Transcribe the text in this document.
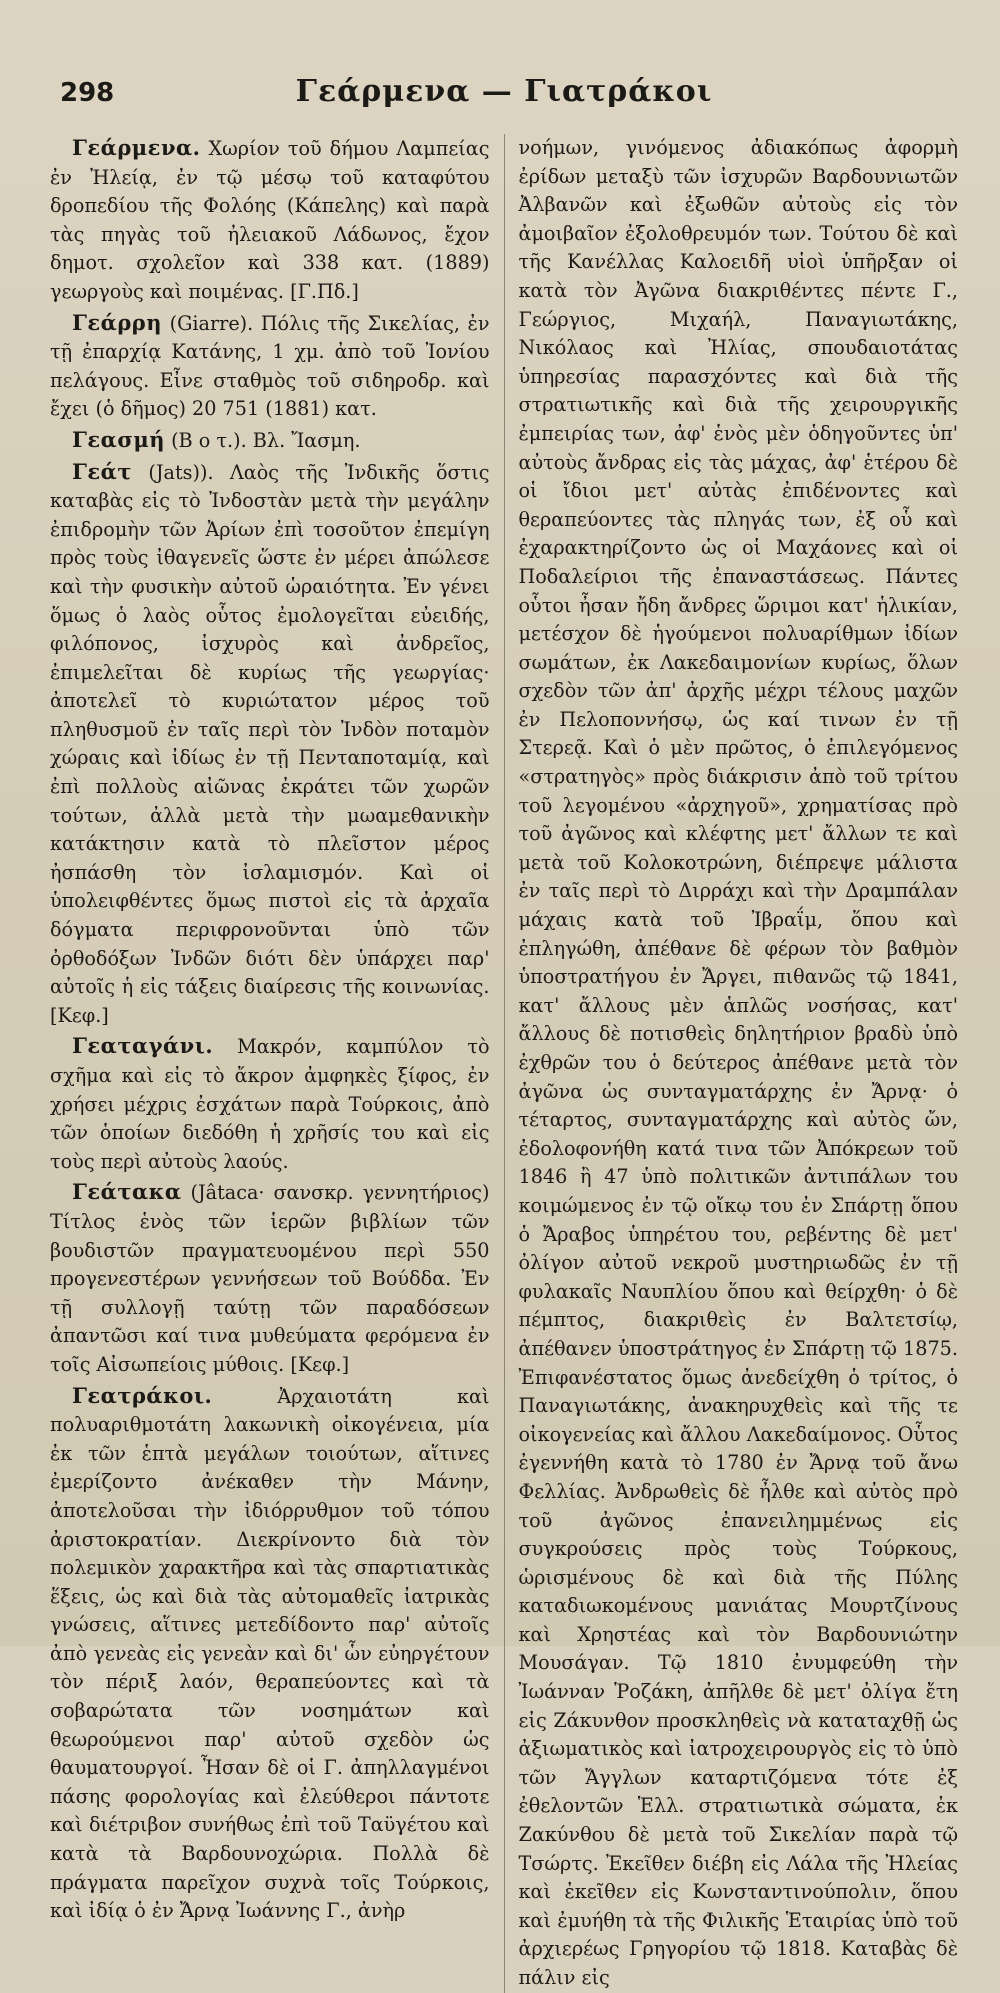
298	Γεάρμενα — Γιατράκοι

Γεάρμενα. Χωρίον τοῦ δήμου Λαμπείας ἐν Ἠλείᾳ, ἐν τῷ μέσῳ τοῦ καταφύτου δροπεδίου τῆς Φολόης (Κάπελης) καὶ παρὰ τὰς πηγὰς τοῦ ἠλειακοῦ Λάδωνος, ἔχον δημοτ. σχολεῖον καὶ 338 κατ. (1889) γεωργοὺς καὶ ποιμένας. [Γ.Πδ.]

Γεάρρη (Giarre). Πόλις τῆς Σικελίας, ἐν τῇ ἐπαρχίᾳ Κατάνης, 1 χμ. ἀπὸ τοῦ Ἰονίου πελάγους. Εἶνε σταθμὸς τοῦ σιδηροδρ. καὶ ἔχει (ὁ δῆμος) 20 751 (1881) κατ.

Γεασμή (Β ο τ.). Βλ. Ἴασμη.

Γεάτ (Jats)). Λαὸς τῆς Ἰνδικῆς ὅστις καταβὰς εἰς τὸ Ἰνδοστὰν μετὰ τὴν μεγάλην ἐπιδρομὴν τῶν Ἀρίων ἐπὶ τοσοῦτον ἐπεμίγη πρὸς τοὺς ἰθαγενεῖς ὥστε ἐν μέρει ἀπώλεσε καὶ τὴν φυσικὴν αὐτοῦ ὡραιότητα. Ἐν γένει ὅμως ὁ λαὸς οὗτος ἐμολογεῖται εὐειδής, φιλόπονος, ἰσχυρὸς καὶ ἀνδρεῖος, ἐπιμελεῖται δὲ κυρίως τῆς γεωργίας· ἀποτελεῖ τὸ κυριώτατον μέρος τοῦ πληθυσμοῦ ἐν ταῖς περὶ τὸν Ἰνδὸν ποταμὸν χώραις καὶ ἰδίως ἐν τῇ Πενταποταμίᾳ, καὶ ἐπὶ πολλοὺς αἰῶνας ἐκράτει τῶν χωρῶν τούτων, ἀλλὰ μετὰ τὴν μωαμεθανικὴν κατάκτησιν κατὰ τὸ πλεῖστον μέρος ἠσπάσθη τὸν ἰσλαμισμόν. Καὶ οἱ ὑπολειφθέντες ὅμως πιστοὶ εἰς τὰ ἀρχαῖα δόγματα περιφρονοῦνται ὑπὸ τῶν ὀρθοδόξων Ἰνδῶν διότι δὲν ὑπάρχει παρ' αὐτοῖς ἡ εἰς τάξεις διαίρεσις τῆς κοινωνίας. [Κεφ.]

Γεαταγάνι. Μακρόν, καμπύλον τὸ σχῆμα καὶ εἰς τὸ ἄκρον ἀμφηκὲς ξίφος, ἐν χρήσει μέχρις ἐσχάτων παρὰ Τούρκοις, ἀπὸ τῶν ὁποίων διεδόθη ἡ χρῆσίς του καὶ εἰς τοὺς περὶ αὐτοὺς λαούς.

Γεάτακα (Jâtaca· σανσκρ. γεννητήριος) Τίτλος ἑνὸς τῶν ἱερῶν βιβλίων τῶν βουδιστῶν πραγματευομένου περὶ 550 προγενεστέρων γεννήσεων τοῦ Βούδδα. Ἐν τῇ συλλογῇ ταύτῃ τῶν παραδόσεων ἀπαντῶσι καί τινα μυθεύματα φερόμενα ἐν τοῖς Αἰσωπείοις μύθοις. [Κεφ.]

Γεατράκοι. Ἀρχαιοτάτη καὶ πολυαριθμοτάτη λακωνικὴ οἰκογένεια, μία ἐκ τῶν ἑπτὰ μεγάλων τοιούτων, αἵτινες ἐμερίζοντο ἀνέκαθεν τὴν Μάνην, ἀποτελοῦσαι τὴν ἰδιόρρυθμον τοῦ τόπου ἀριστοκρατίαν. Διεκρίνοντο διὰ τὸν πολεμικὸν χαρακτῆρα καὶ τὰς σπαρτιατικὰς ἕξεις, ὡς καὶ διὰ τὰς αὐτομαθεῖς ἰατρικὰς γνώσεις, αἵτινες μετεδίδοντο παρ' αὐτοῖς ἀπὸ γενεὰς εἰς γενεὰν καὶ δι' ὧν εὐηργέτουν τὸν πέριξ λαόν, θεραπεύοντες καὶ τὰ σοβαρώτατα τῶν νοσημάτων καὶ θεωρούμενοι παρ' αὐτοῦ σχεδὸν ὡς θαυματουργοί. Ἦσαν δὲ οἱ Γ. ἀπηλλαγμένοι πάσης φορολογίας καὶ ἐλεύθεροι πάντοτε καὶ διέτριβον συνήθως ἐπὶ τοῦ Ταϋγέτου καὶ κατὰ τὰ Βαρδουνοχώρια. Πολλὰ δὲ πράγματα παρεῖχον συχνὰ τοῖς Τούρκοις, καὶ ἰδίᾳ ὁ ἐν Ἄρνᾳ Ἰωάννης Γ., ἀνὴρ

νοήμων, γινόμενος ἀδιακόπως ἀφορμὴ ἐρίδων μεταξὺ τῶν ἰσχυρῶν Βαρδουνιωτῶν Ἀλβανῶν καὶ ἐξωθῶν αὐτοὺς εἰς τὸν ἀμοιβαῖον ἐξολοθρευμόν των. Τούτου δὲ καὶ τῆς Κανέλλας Καλοειδῆ υἱοὶ ὑπῆρξαν οἱ κατὰ τὸν Ἀγῶνα διακριθέντες πέντε Γ., Γεώργιος, Μιχαήλ, Παναγιωτάκης, Νικόλαος καὶ Ἠλίας, σπουδαιοτάτας ὑπηρεσίας παρασχόντες καὶ διὰ τῆς στρατιωτικῆς καὶ διὰ τῆς χειρουργικῆς ἐμπειρίας των, ἀφ' ἑνὸς μὲν ὁδηγοῦντες ὑπ' αὐτοὺς ἄνδρας εἰς τὰς μάχας, ἀφ' ἑτέρου δὲ οἱ ἴδιοι μετ' αὐτὰς ἐπιδένοντες καὶ θεραπεύοντες τὰς πληγάς των, ἐξ οὗ καὶ ἐχαρακτηρίζοντο ὡς οἱ Μαχάονες καὶ οἱ Ποδαλείριοι τῆς ἐπαναστάσεως. Πάντες οὗτοι ἦσαν ἤδη ἄνδρες ὥριμοι κατ' ἡλικίαν, μετέσχον δὲ ἡγούμενοι πολυαρίθμων ἰδίων σωμάτων, ἐκ Λακεδαιμονίων κυρίως, ὅλων σχεδὸν τῶν ἀπ' ἀρχῆς μέχρι τέλους μαχῶν ἐν Πελοποννήσῳ, ὡς καί τινων ἐν τῇ Στερεᾷ. Καὶ ὁ μὲν πρῶτος, ὁ ἐπιλεγόμενος «στρατηγὸς» πρὸς διάκρισιν ἀπὸ τοῦ τρίτου τοῦ λεγομένου «ἀρχηγοῦ», χρηματίσας πρὸ τοῦ ἀγῶνος καὶ κλέφτης μετ' ἄλλων τε καὶ μετὰ τοῦ Κολοκοτρώνη, διέπρεψε μάλιστα ἐν ταῖς περὶ τὸ Διρράχι καὶ τὴν Δραμπάλαν μάχαις κατὰ τοῦ Ἰβραΐμ, ὅπου καὶ ἐπληγώθη, ἀπέθανε δὲ φέρων τὸν βαθμὸν ὑποστρατήγου ἐν Ἄργει, πιθανῶς τῷ 1841, κατ' ἄλλους μὲν ἁπλῶς νοσήσας, κατ' ἄλλους δὲ ποτισθεὶς δηλητήριον βραδὺ ὑπὸ ἐχθρῶν του ὁ δεύτερος ἀπέθανε μετὰ τὸν ἀγῶνα ὡς συνταγματάρχης ἐν Ἄρνᾳ· ὁ τέταρτος, συνταγματάρχης καὶ αὐτὸς ὤν, ἐδολοφονήθη κατά τινα τῶν Ἀπόκρεων τοῦ 1846 ἢ 47 ὑπὸ πολιτικῶν ἀντιπάλων του κοιμώμενος ἐν τῷ οἴκῳ του ἐν Σπάρτῃ ὅπου ὁ Ἄραβος ὑπηρέτου του, ρεβέντης δὲ μετ' ὀλίγον αὐτοῦ νεκροῦ μυστηριωδῶς ἐν τῇ φυλακαῖς Ναυπλίου ὅπου καὶ θείρχθη· ὁ δὲ πέμπτος, διακριθεὶς ἐν Βαλτετσίῳ, ἀπέθανεν ὑποστράτηγος ἐν Σπάρτῃ τῷ 1875. Ἐπιφανέστατος ὅμως ἀνεδείχθη ὁ τρίτος, ὁ Παναγιωτάκης, ἀνακηρυχθεὶς καὶ τῆς τε οἰκογενείας καὶ ἄλλου Λακεδαίμονος. Οὗτος ἐγεννήθη κατὰ τὸ 1780 ἐν Ἄρνᾳ τοῦ ἄνω Φελλίας. Ἀνδρωθεὶς δὲ ἦλθε καὶ αὐτὸς πρὸ τοῦ ἀγῶνος ἐπανειλημμένως εἰς συγκρούσεις πρὸς τοὺς Τούρκους, ὡρισμένους δὲ καὶ διὰ τῆς Πύλης καταδιωκομένους μανιάτας Μουρτζίνους καὶ Χρηστέας καὶ τὸν Βαρδουνιώτην Μουσάγαν. Τῷ 1810 ἐνυμφεύθη τὴν Ἰωάνναν Ῥοζάκη, ἀπῆλθε δὲ μετ' ὀλίγα ἔτη εἰς Ζάκυνθον προσκληθεὶς νὰ καταταχθῇ ὡς ἀξιωματικὸς καὶ ἰατροχειρουργὸς εἰς τὸ ὑπὸ τῶν Ἄγγλων καταρτιζόμενα τότε ἐξ ἐθελοντῶν Ἑλλ. στρατιωτικὰ σώματα, ἐκ Ζακύνθου δὲ μετὰ τοῦ Σικελίαν παρὰ τῷ Τσώρτς. Ἐκεῖθεν διέβη εἰς Λάλα τῆς Ἠλείας καὶ ἐκεῖθεν εἰς Κωνσταντινούπολιν, ὅπου καὶ ἐμυήθη τὰ τῆς Φιλικῆς Ἑταιρίας ὑπὸ τοῦ ἀρχιερέως Γρηγορίου τῷ 1818. Καταβὰς δὲ πάλιν εἰς
